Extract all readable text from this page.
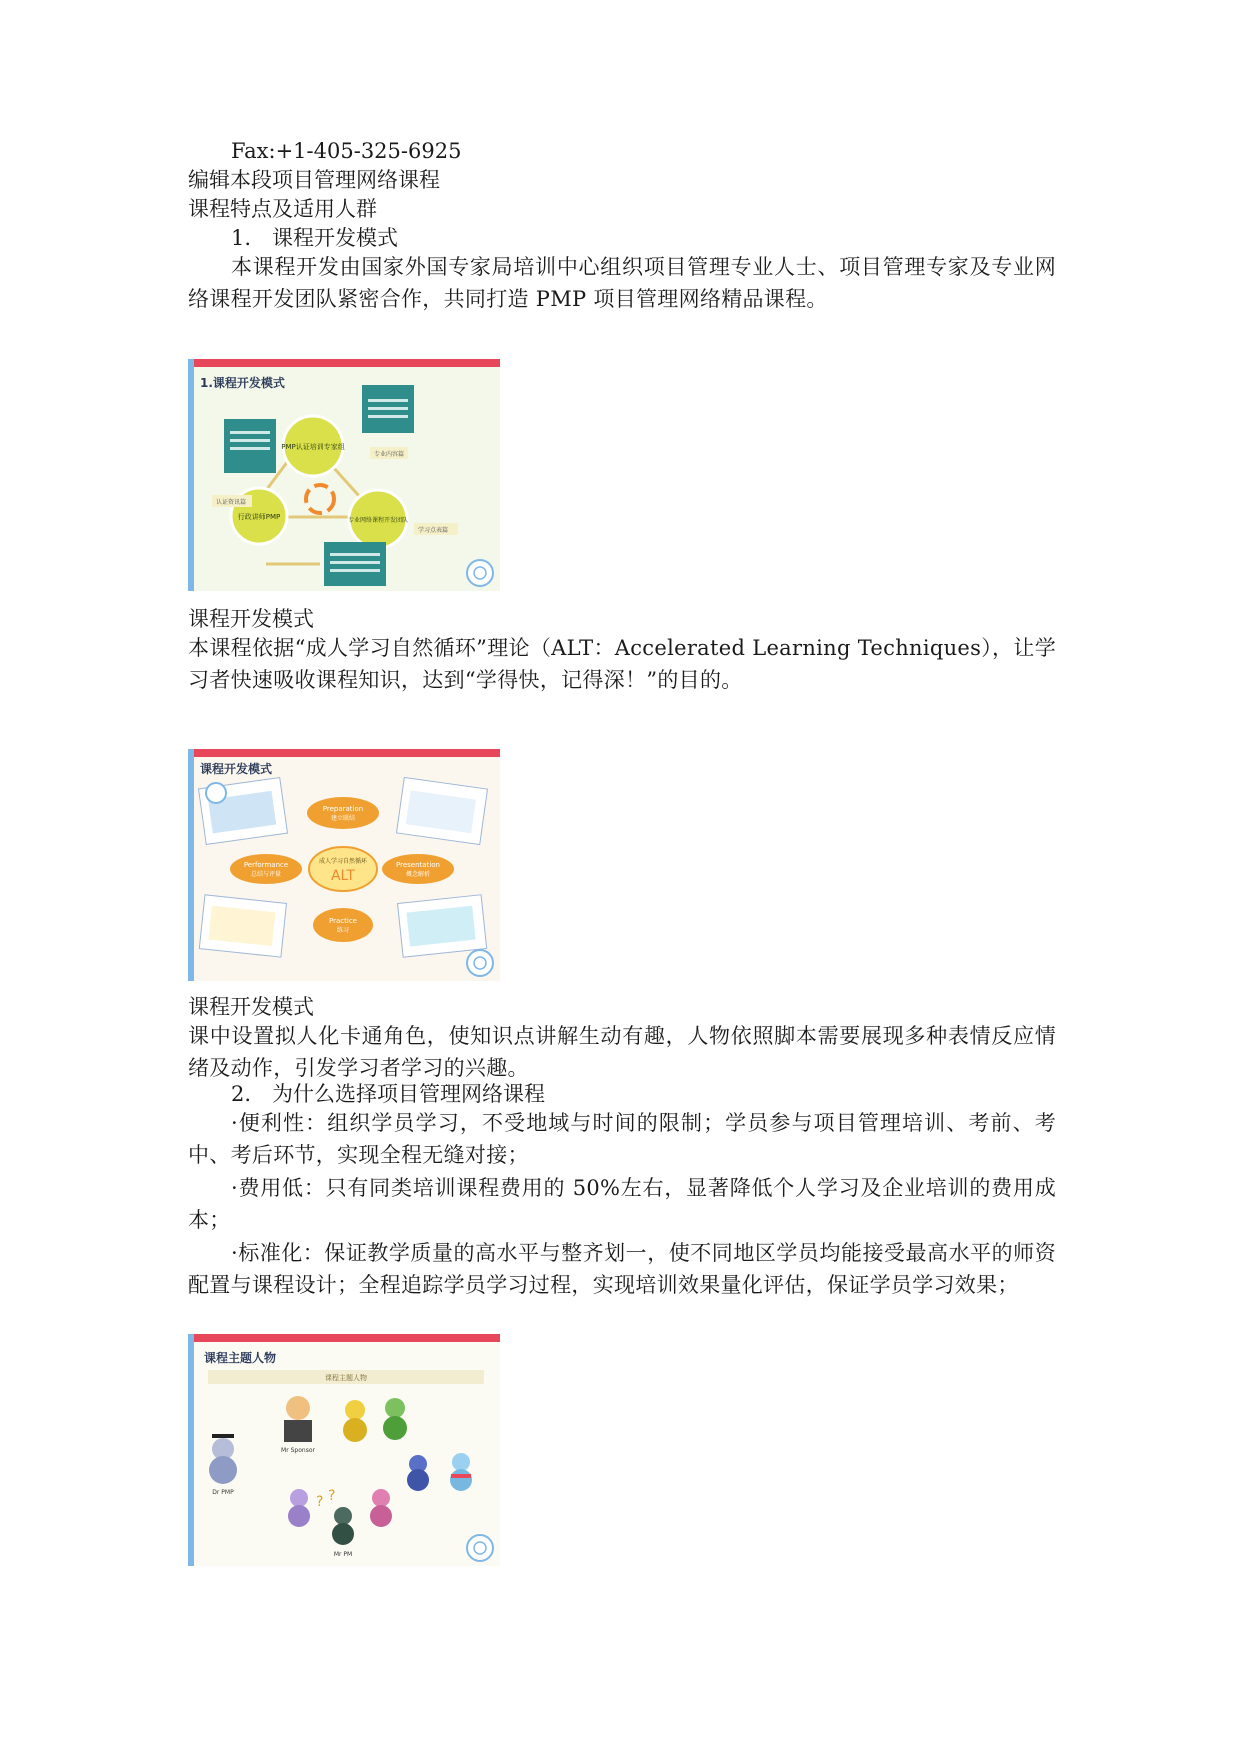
Fax:+1-405-325-6925
编辑本段项目管理网络课程
课程特点及适用人群
1.　课程开发模式
本课程开发由国家外国专家局培训中心组织项目管理专业人士、项目管理专家及专业网络课程开发团队紧密合作，共同打造 PMP 项目管理网络精品课程。
1.课程开发模式
PMP认证培训专家组
行政讲师PMP	专业网络课程开发团队
专业内容篇
认证资讯篇
学习点表篇
课程开发模式
本课程依据“成人学习自然循环”理论（ALT：Accelerated Learning Techniques），让学习者快速吸收课程知识，达到“学得快，记得深！”的目的。
课程开发模式
Preparation
建立联结
Presentation
概念解析
Practice
练习
Performance
总结与评量
成人学习自然循环
ALT
课程开发模式
课中设置拟人化卡通角色，使知识点讲解生动有趣，人物依照脚本需要展现多种表情反应情绪及动作，引发学习者学习的兴趣。
2.　为什么选择项目管理网络课程
·便利性：组织学员学习，不受地域与时间的限制；学员参与项目管理培训、考前、考中、考后环节，实现全程无缝对接；
·费用低：只有同类培训课程费用的 50%左右，显著降低个人学习及企业培训的费用成本；
·标准化：保证教学质量的高水平与整齐划一，使不同地区学员均能接受最高水平的师资配置与课程设计；全程追踪学员学习过程，实现培训效果量化评估，保证学员学习效果；
课程主题人物
课程主题人物
Dr PMP
Mr Sponsor
Mr PM
? ?
